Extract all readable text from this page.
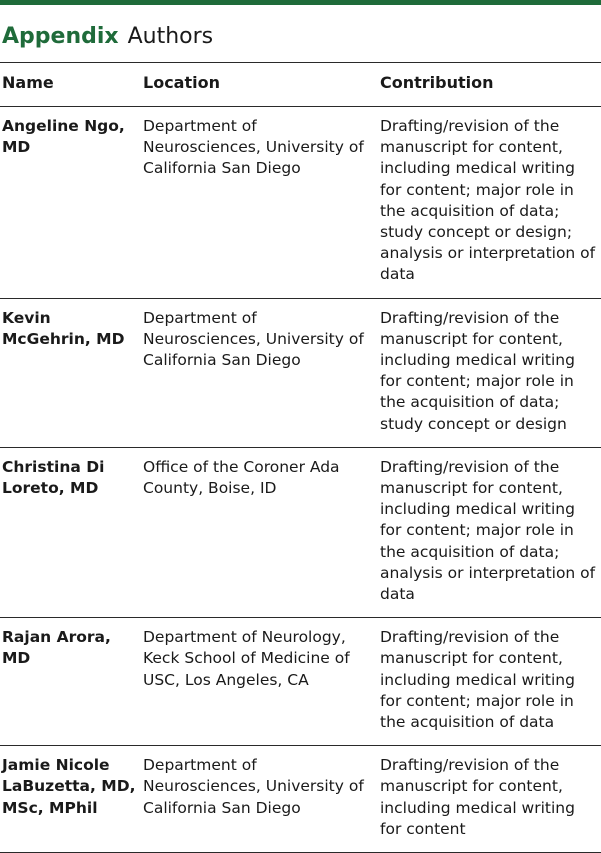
Appendix Authors
Name	Location	Contribution
Angeline Ngo, MD	Department of Neurosciences, University of California San Diego	Drafting/revision of the manuscript for content, including medical writing for content; major role in the acquisition of data; study concept or design; analysis or interpretation of data
Kevin McGehrin, MD	Department of Neurosciences, University of California San Diego	Drafting/revision of the manuscript for content, including medical writing for content; major role in the acquisition of data; study concept or design
Christina Di Loreto, MD	Office of the Coroner Ada County, Boise, ID	Drafting/revision of the manuscript for content, including medical writing for content; major role in the acquisition of data; analysis or interpretation of data
Rajan Arora, MD	Department of Neurology, Keck School of Medicine of USC, Los Angeles, CA	Drafting/revision of the manuscript for content, including medical writing for content; major role in the acquisition of data
Jamie Nicole LaBuzetta, MD, MSc, MPhil	Department of Neurosciences, University of California San Diego	Drafting/revision of the manuscript for content, including medical writing for content
